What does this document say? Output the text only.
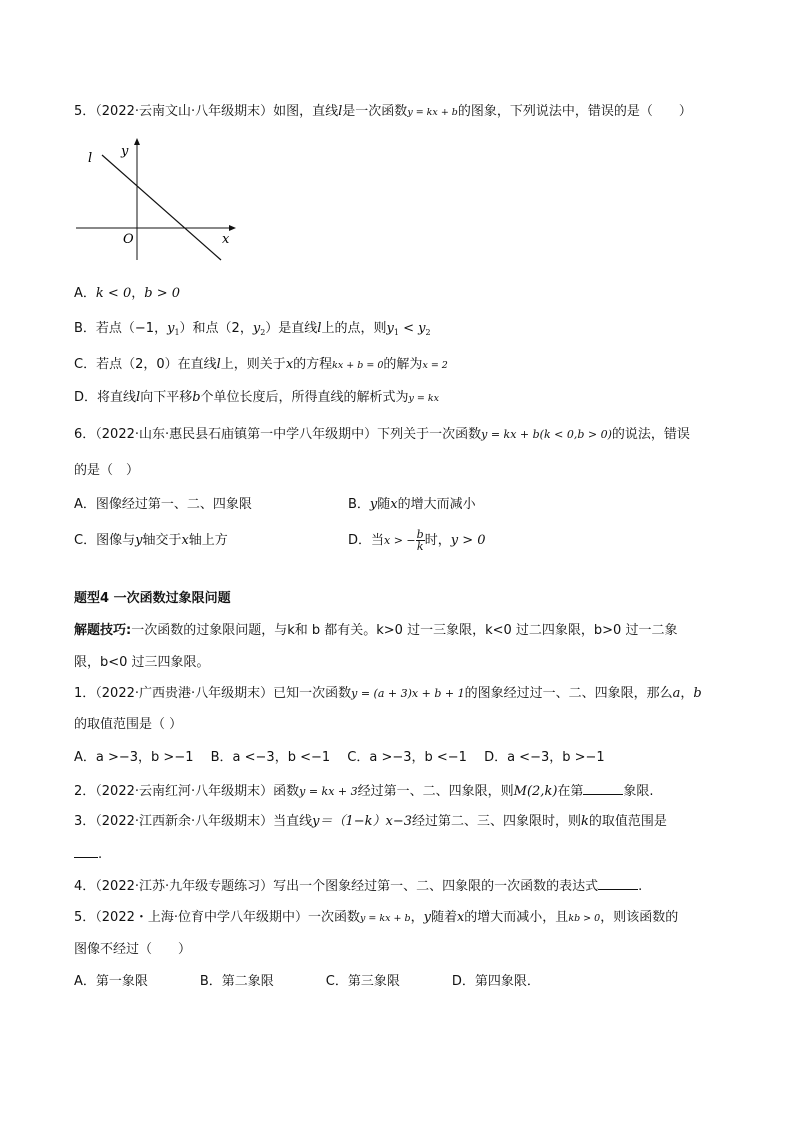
5．（2022·云南文山·八年级期末）如图，直线l是一次函数y = kx + b的图象，下列说法中，错误的是（　　）
l y
x
O
A．k < 0，b > 0
B．若点（−1，$y_1$）和点（2，$y_2$）是直线l上的点，则$y_1 < y_2$
C．若点（2，0）在直线l上，则关于x的方程kx + b = 0的解为x = 2
D．将直线l向下平移b个单位长度后，所得直线的解析式为y = kx
6．（2022·山东·惠民县石庙镇第一中学八年级期中）下列关于一次函数y = kx + b(k < 0,b > 0)的说法，错误
的是（　）
A．图像经过第一、二、四象限	B．y随x的增大而减小
C．图像与y轴交于x轴上方	D．当x > − $\frac{b}{k}$ 时，y > 0
题型4 一次函数过象限问题
解题技巧:一次函数的过象限问题，与k和 b 都有关。k>0 过一三象限，k<0 过二四象限，b>0 过一二象
限，b<0 过三四象限。
1．（2022·广西贵港·八年级期末）已知一次函数y = (a + 3)x + b + 1的图象经过过一、二、四象限，那么a，b
的取值范围是（ ）
A．a >−3，b >−1　 B．a <−3，b <−1　 C．a >−3，b <−1　 D．a <−3，b >−1
2．（2022·云南红河·八年级期末）函数y = kx + 3经过第一、二、四象限，则M(2,k)在第	象限.
3．（2022·江西新余·八年级期末）当直线y＝（1−k）x−3经过第二、三、四象限时，则k的取值范围是
.
4．（2022·江苏·九年级专题练习）写出一个图象经过第一、二、四象限的一次函数的表达式	.
5．（2022・上海·位育中学八年级期中）一次函数y = kx + b，y随着x的增大而减小，且kb > 0，则该函数的
图像不经过（　　）
A．第一象限　　　　B．第二象限　　　　C．第三象限　　　　D．第四象限．
